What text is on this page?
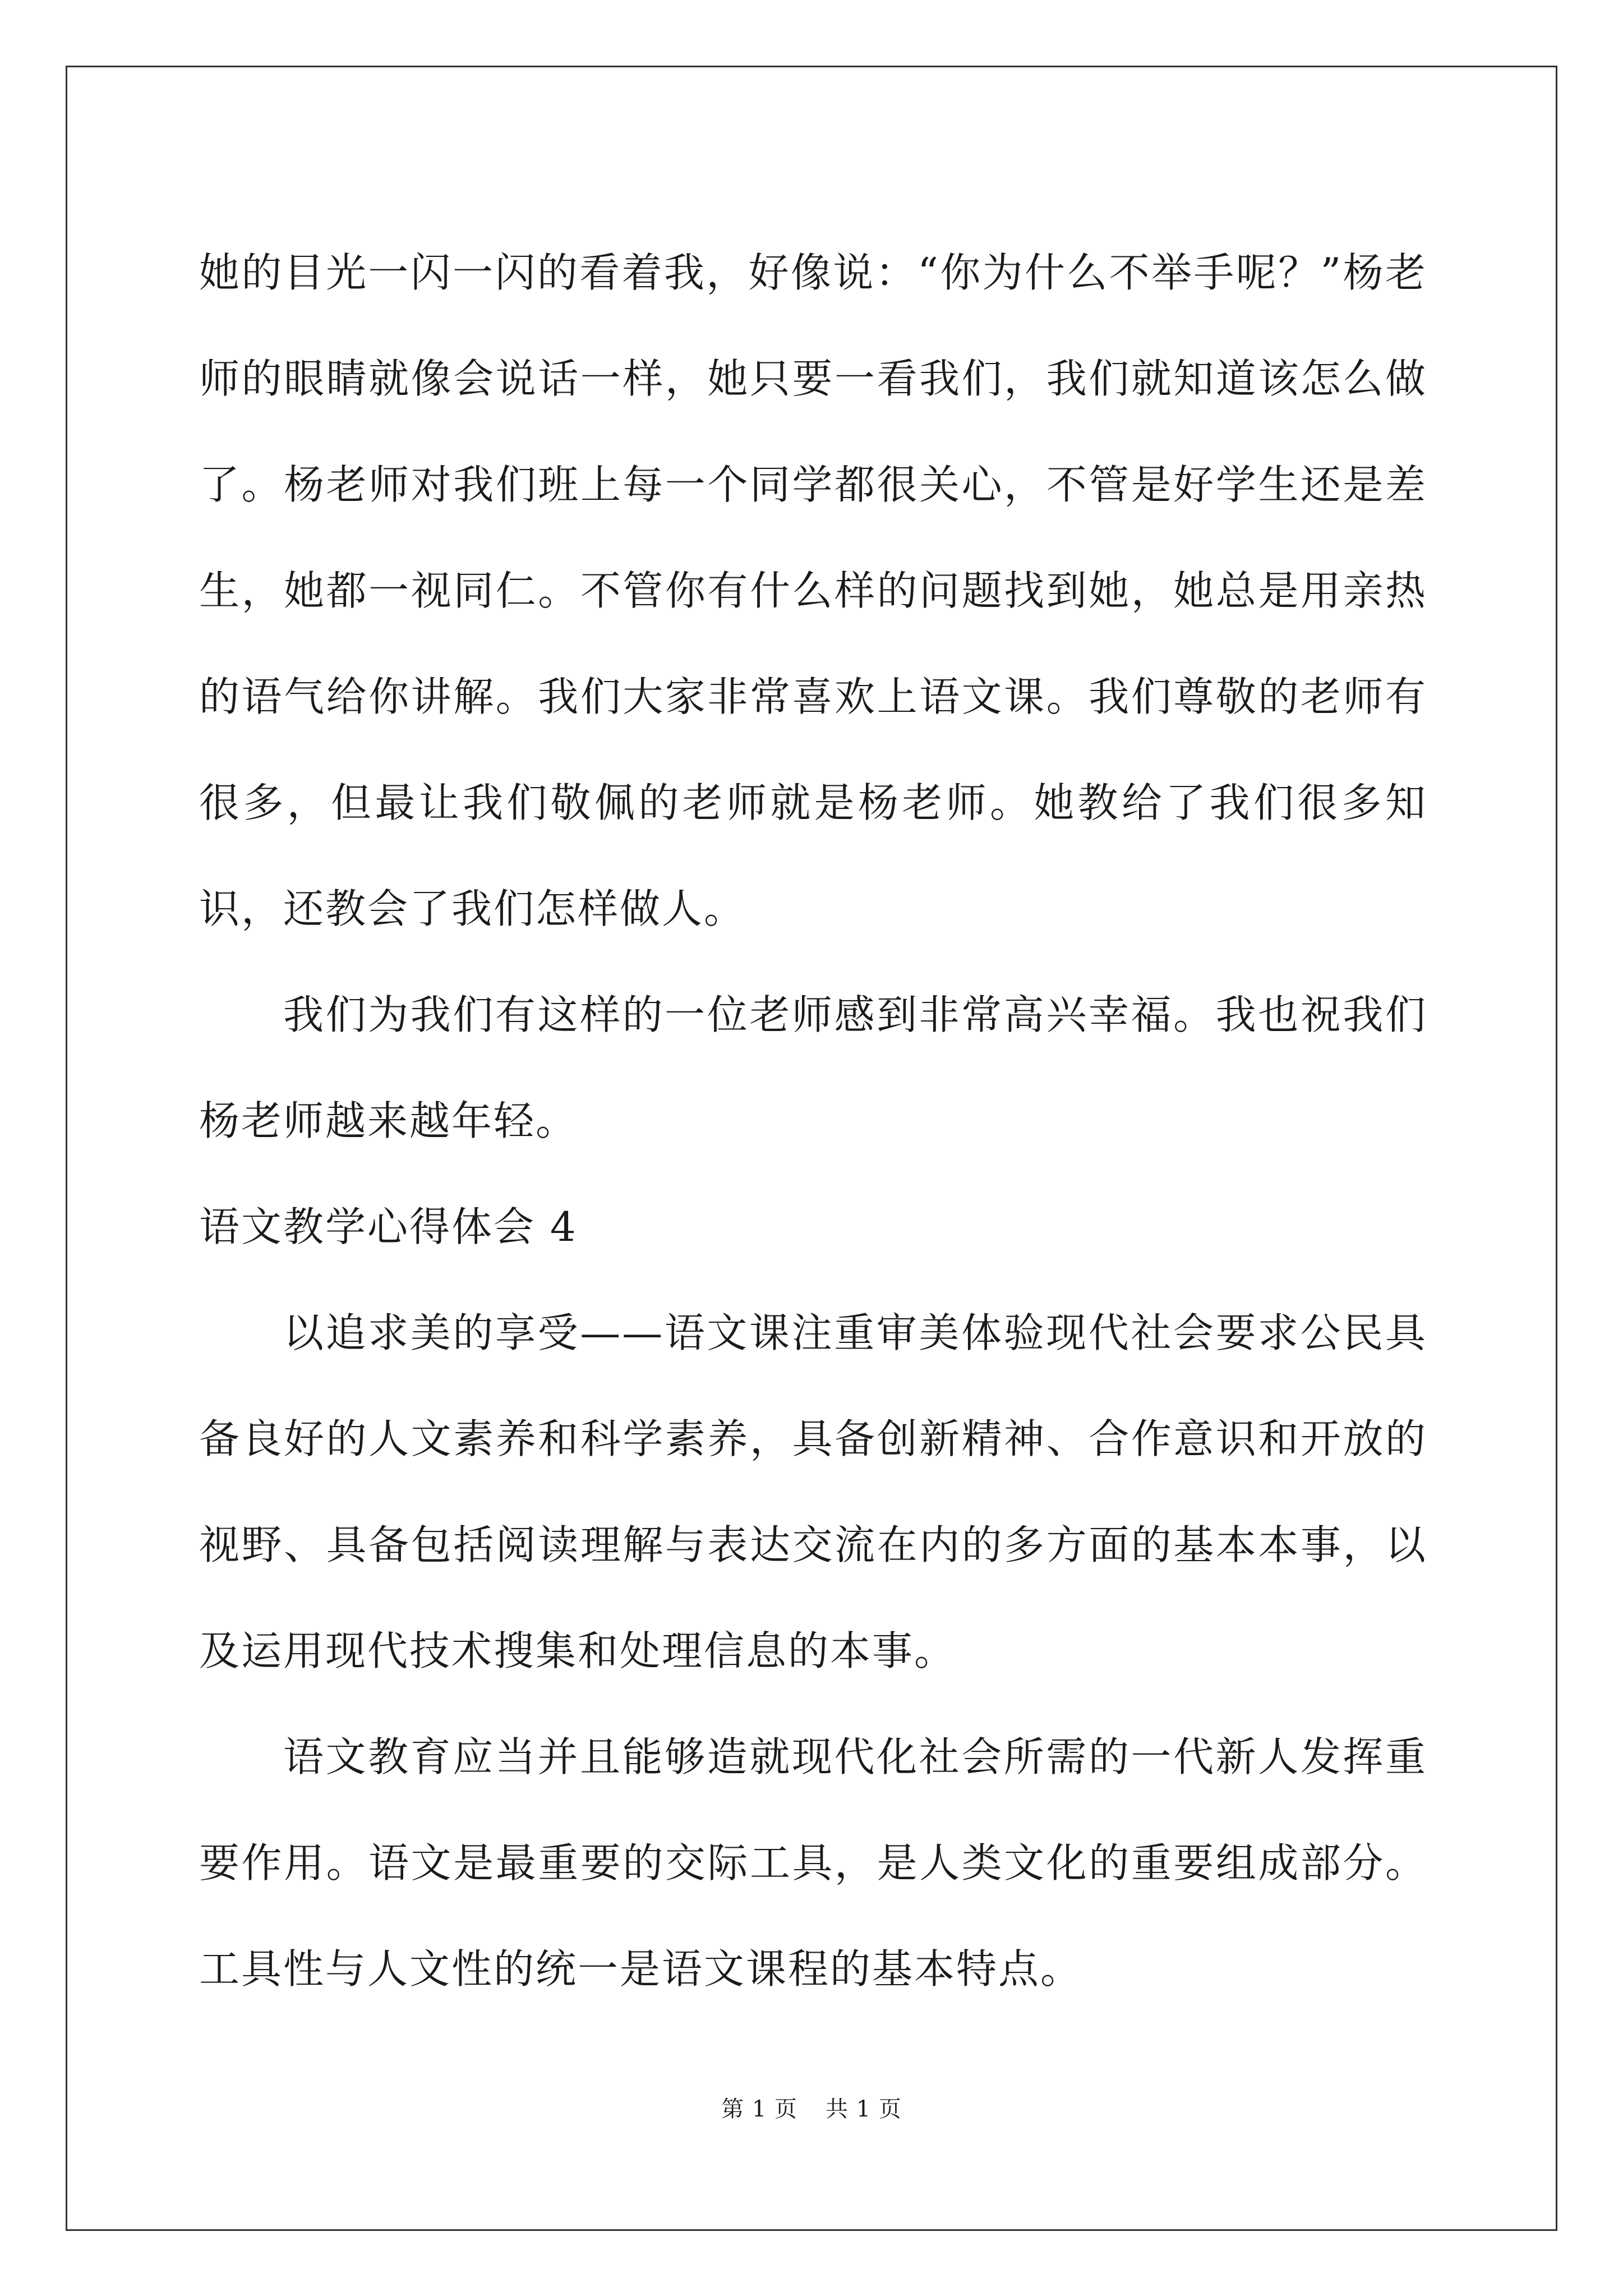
她的目光一闪一闪的看着我，好像说：“你为什么不举手呢？”杨老师的眼睛就像会说话一样，她只要一看我们，我们就知道该怎么做了。杨老师对我们班上每一个同学都很关心，不管是好学生还是差生，她都一视同仁。不管你有什么样的问题找到她，她总是用亲热的语气给你讲解。我们大家非常喜欢上语文课。我们尊敬的老师有很多，但最让我们敬佩的老师就是杨老师。她教给了我们很多知识，还教会了我们怎样做人。

我们为我们有这样的一位老师感到非常高兴幸福。我也祝我们杨老师越来越年轻。

语文教学心得体会 4

以追求美的享受——语文课注重审美体验现代社会要求公民具备良好的人文素养和科学素养，具备创新精神、合作意识和开放的视野、具备包括阅读理解与表达交流在内的多方面的基本本事，以及运用现代技术搜集和处理信息的本事。

语文教育应当并且能够造就现代化社会所需的一代新人发挥重要作用。语文是最重要的交际工具，是人类文化的重要组成部分。工具性与人文性的统一是语文课程的基本特点。

第 1 页 共 1 页
